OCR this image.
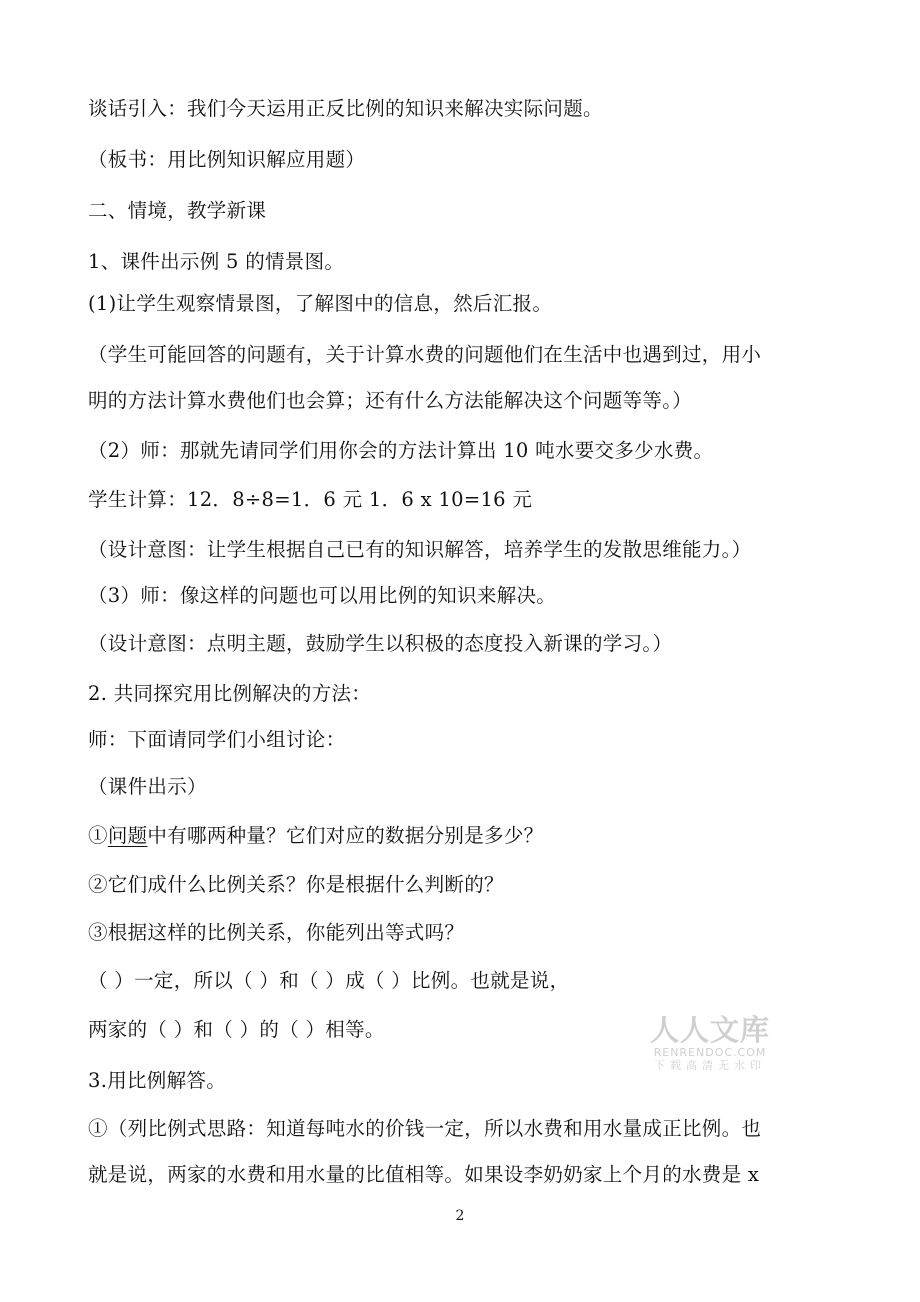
谈话引入：我们今天运用正反比例的知识来解决实际问题。
（板书：用比例知识解应用题）
二、情境，教学新课
1、课件出示例 5 的情景图。
(1)让学生观察情景图，了解图中的信息，然后汇报。
（学生可能回答的问题有，关于计算水费的问题他们在生活中也遇到过，用小
明的方法计算水费他们也会算；还有什么方法能解决这个问题等等。）
（2）师：那就先请同学们用你会的方法计算出 10 吨水要交多少水费。
学生计算：12．8÷8=1．6 元 1．6 x 10=16 元
（设计意图：让学生根据自己已有的知识解答，培养学生的发散思维能力。）
（3）师：像这样的问题也可以用比例的知识来解决。
（设计意图：点明主题，鼓励学生以积极的态度投入新课的学习。）
2. 共同探究用比例解决的方法：
师：下面请同学们小组讨论：
（课件出示）
①问题中有哪两种量？它们对应的数据分别是多少？
②它们成什么比例关系？你是根据什么判断的？
③根据这样的比例关系，你能列出等式吗？
（ ）一定，所以（ ）和（ ）成（ ）比例。也就是说，
两家的（ ）和（ ）的（ ）相等。
3.用比例解答。
①（列比例式思路：知道每吨水的价钱一定，所以水费和用水量成正比例。也
就是说，两家的水费和用水量的比值相等。如果设李奶奶家上个月的水费是 x
人人文库
RENRENDOC.COM
下载高清无水印
2
